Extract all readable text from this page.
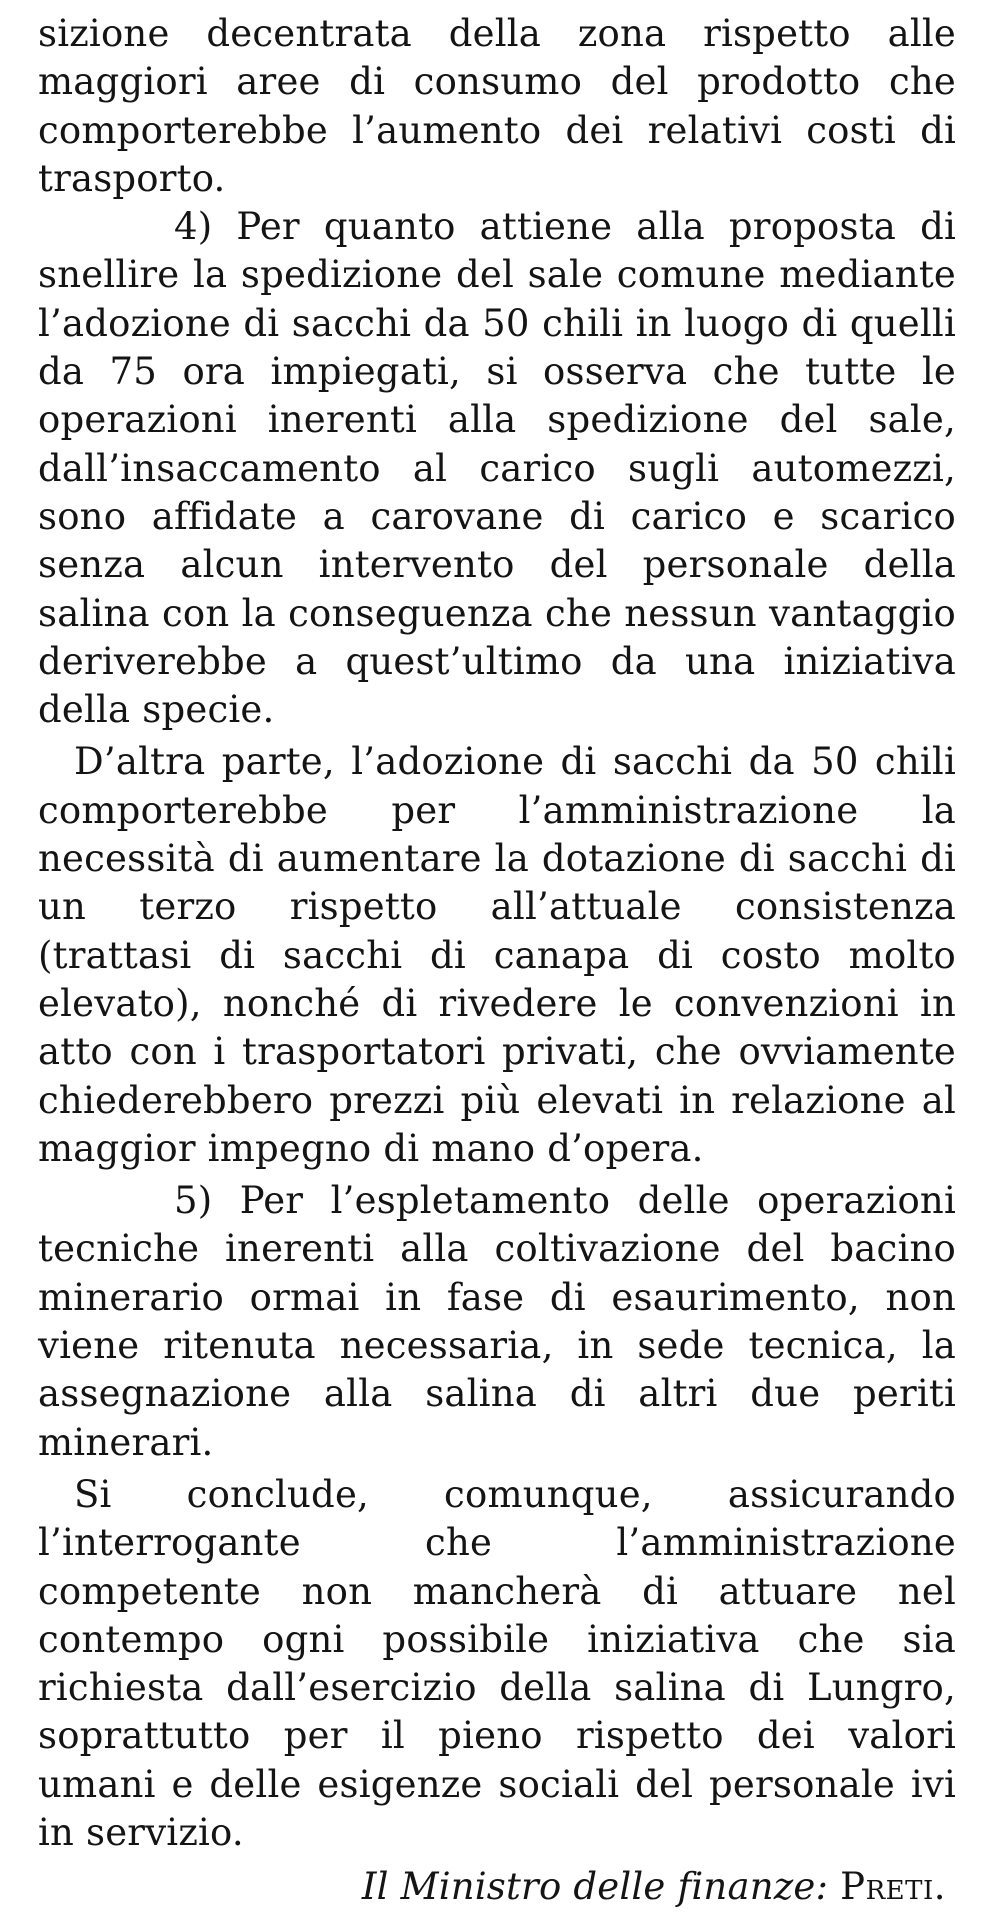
sizione decentrata della zona rispetto alle maggiori aree di consumo del prodotto che comporterebbe l’aumento dei relativi costi di trasporto.

4) Per quanto attiene alla proposta di snellire la spedizione del sale comune mediante l’adozione di sacchi da 50 chili in luogo di quelli da 75 ora impiegati, si osserva che tutte le operazioni inerenti alla spedizione del sale, dall’insaccamento al carico sugli automezzi, sono affidate a carovane di carico e scarico senza alcun intervento del personale della salina con la conseguenza che nessun vantaggio deriverebbe a quest’ultimo da una iniziativa della specie.

D’altra parte, l’adozione di sacchi da 50 chili comporterebbe per l’amministrazione la necessità di aumentare la dotazione di sacchi di un terzo rispetto all’attuale consistenza (trattasi di sacchi di canapa di costo molto elevato), nonché di rivedere le convenzioni in atto con i trasportatori privati, che ovviamente chiederebbero prezzi più elevati in relazione al maggior impegno di mano d’opera.

5) Per l’espletamento delle operazioni tecniche inerenti alla coltivazione del bacino minerario ormai in fase di esaurimento, non viene ritenuta necessaria, in sede tecnica, la assegnazione alla salina di altri due periti minerari.

Si conclude, comunque, assicurando l’interrogante che l’amministrazione competente non mancherà di attuare nel contempo ogni possibile iniziativa che sia richiesta dall’esercizio della salina di Lungro, soprattutto per il pieno rispetto dei valori umani e delle esigenze sociali del personale ivi in servizio.

Il Ministro delle finanze: Preti.
